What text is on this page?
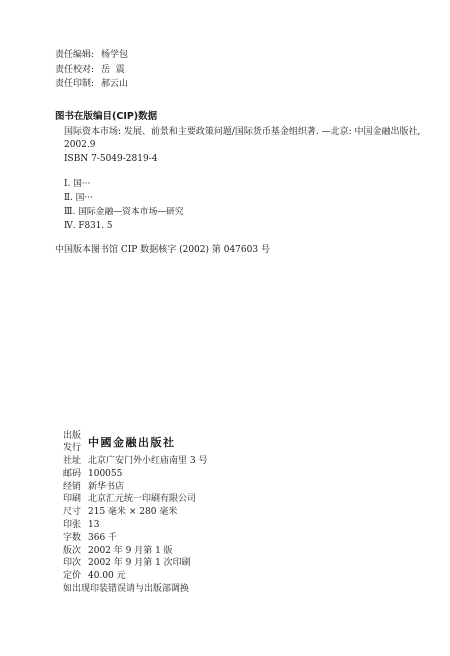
责任编辑: 杨学包
责任校对: 岳  震
责任印制: 郝云山
图书在版编目(CIP)数据
国际资本市场: 发展、前景和主要政策问题/国际货币基金组织著. —北京: 中国金融出版社,
2002.9
ISBN 7-5049-2819-4
Ⅰ. 国···
Ⅱ. 国···
Ⅲ. 国际金融—资本市场—研究
Ⅳ. F831. 5
中国版本图书馆 CIP 数据核字 (2002) 第 047603 号
出版
发行 中國金融出版社
社址 北京广安门外小红庙南里 3 号
邮码 100055
经销 新华书店
印刷 北京汇元统一印刷有限公司
尺寸 215 毫米 × 280 毫米
印张 13
字数 366 千
版次 2002 年 9 月第 1 版
印次 2002 年 9 月第 1 次印刷
定价 40.00 元
如出现印装错误请与出版部调换
